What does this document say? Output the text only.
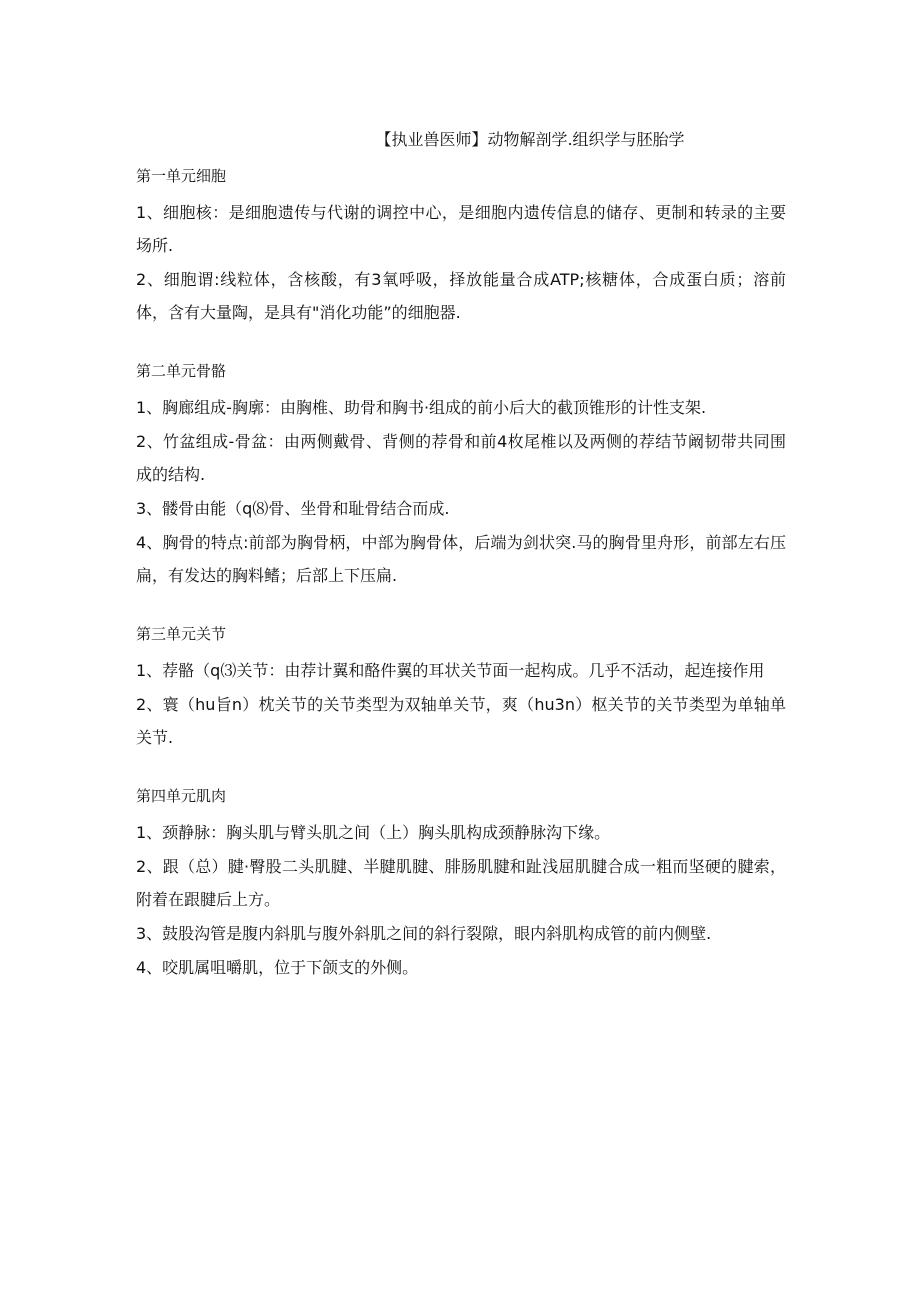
【执业兽医师】动物解剖学.组织学与胚胎学
第一单元细胞

1、细胞核：是细胞遗传与代谢的调控中心，是细胞内遗传信息的储存、更制和转录的主要场所.

2、细胞谓:线粒体，含核酸，有3氧呼吸，择放能量合成ATP;核糖体，合成蛋白质；溶前体，含有大量陶，是具有"消化功能”的细胞器.

第二单元骨骼

1、胸廊组成-胸廓：由胸椎、助骨和胸书·组成的前小后大的截顶锥形的计性支架.

2、竹盆组成-骨盆：由两侧戴骨、背侧的荐骨和前4枚尾椎以及两侧的荐结节阚韧带共同围成的结构.

3、髅骨由能（q⑻骨、坐骨和耻骨结合而成.

4、胸骨的特点:前部为胸骨柄，中部为胸骨体，后端为剑状突.马的胸骨里舟形，前部左右压扁，有发达的胸料鳍；后部上下压扁.

第三单元关节

1、荐骼（q⑶关节：由荐计翼和酪件翼的耳状关节面一起构成。几乎不活动，起连接作用

2、寰（hu旨n）枕关节的关节类型为双轴单关节，爽（hu3n）枢关节的关节类型为单轴单关节.

第四单元肌肉

1、颈静脉：胸头肌与臂头肌之间（上）胸头肌构成颈静脉沟下缘。

2、跟（总）腱·臀股二头肌腱、半腱肌腱、腓肠肌腱和趾浅屈肌腱合成一粗而坚硬的腱索，附着在跟腱后上方。

3、鼓股沟管是腹内斜肌与腹外斜肌之间的斜行裂隙，眼内斜肌构成管的前内侧壁.

4、咬肌属咀嚼肌，位于下颌支的外侧。
